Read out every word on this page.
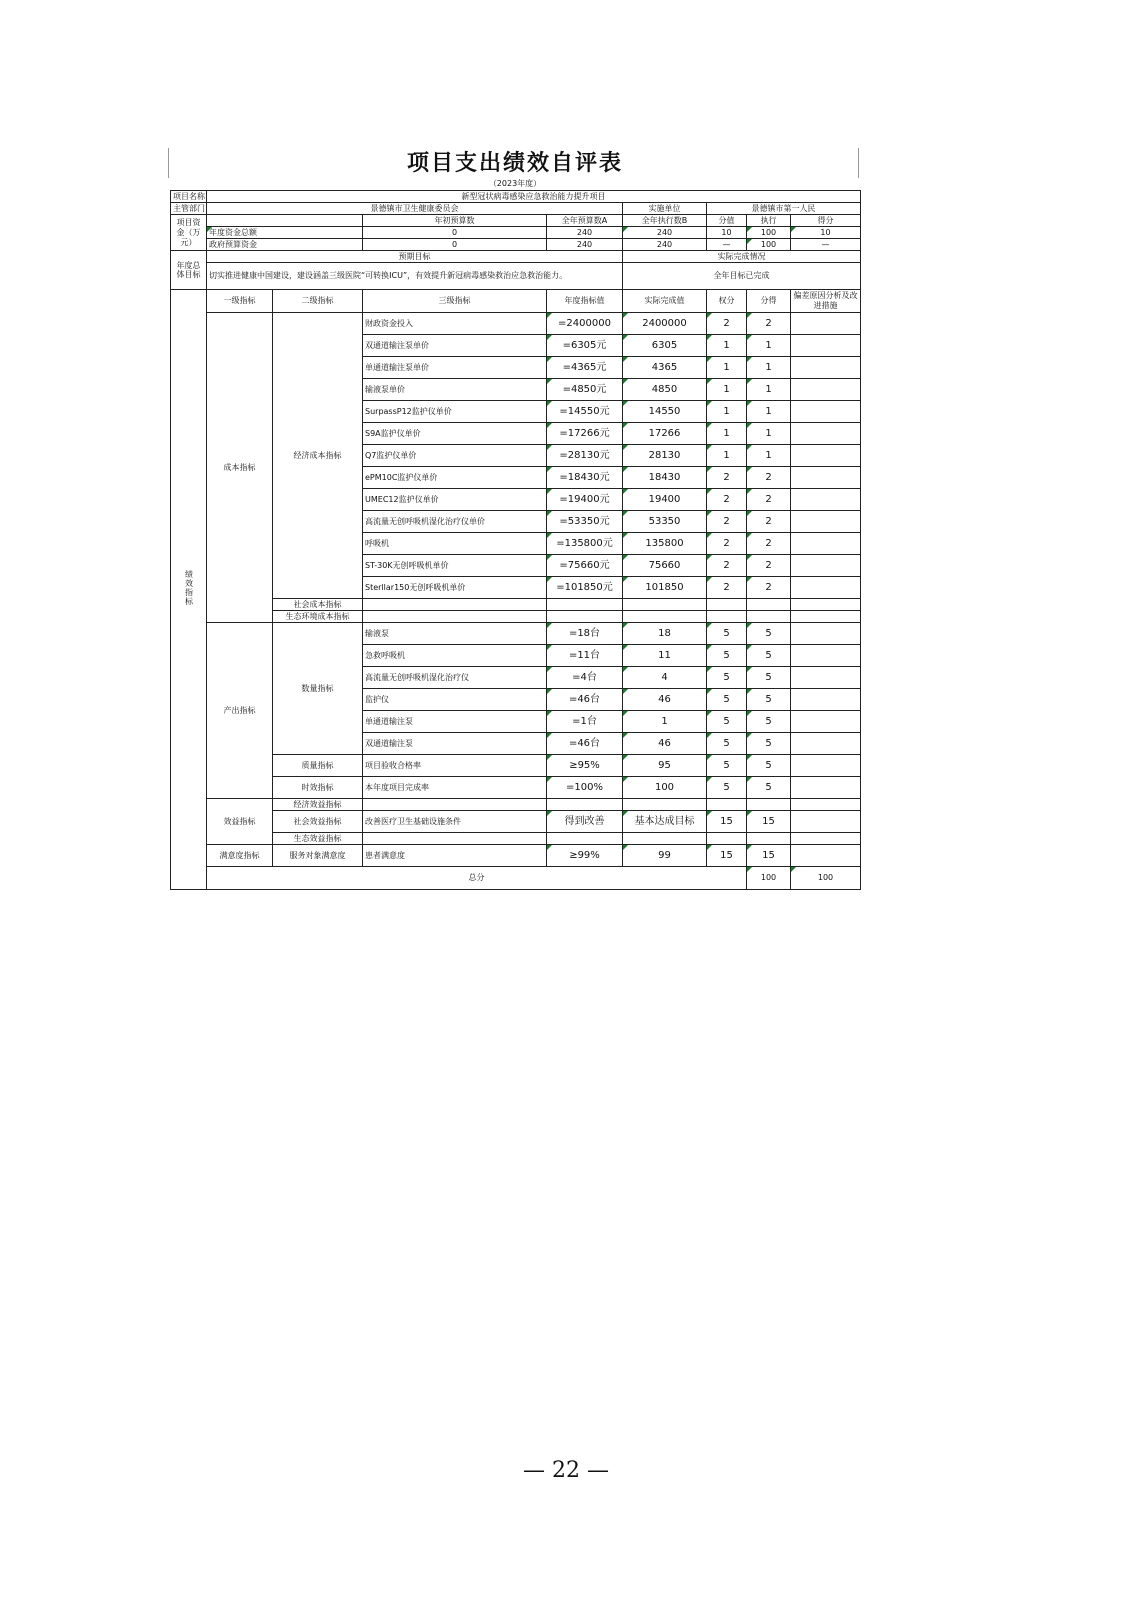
项目支出绩效自评表
（2023年度）
项目名称	新型冠状病毒感染应急救治能力提升项目								
主管部门	景德镇市卫生健康委员会				实施单位	景德镇市第一人民			
项目资金（万元）			年初预算数	全年预算数A	全年执行数B	分值	执行	得分	
	年度资金总额		0	240	240	10	100	10	
	政府预算资金		0	240	240	—	100	—	
年度总体目标	预期目标				实际完成情况				
	切实推进健康中国建设，建设涵盖三级医院“可转换ICU”，有效提升新冠病毒感染救治应急救治能力。				全年目标已完成				
绩效指标	一级指标	二级指标	三级指标	年度指标值	实际完成值	权分	分得	偏差原因分析及改进措施	
	成本指标	经济成本指标	财政资金投入	=2400000	2400000	2	2		
			双通道输注泵单价	=6305元	6305	1	1		
			单通道输注泵单价	=4365元	4365	1	1		
			输液泵单价	=4850元	4850	1	1		
			SurpassP12监护仪单价	=14550元	14550	1	1		
			S9A监护仪单价	=17266元	17266	1	1		
			Q7监护仪单价	=28130元	28130	1	1		
			ePM10C监护仪单价	=18430元	18430	2	2		
			UMEC12监护仪单价	=19400元	19400	2	2		
			高流量无创呼吸机湿化治疗仪单价	=53350元	53350	2	2		
			呼吸机	=135800元	135800	2	2		
			ST-30K无创呼吸机单价	=75660元	75660	2	2		
			Sterllar150无创呼吸机单价	=101850元	101850	2	2		
		社会成本指标							
		生态环境成本指标							
	产出指标	数量指标	输液泵	=18台	18	5	5		
			急救呼吸机	=11台	11	5	5		
			高流量无创呼吸机湿化治疗仪	=4台	4	5	5		
			监护仪	=46台	46	5	5		
			单通道输注泵	=1台	1	5	5		
			双通道输注泵	=46台	46	5	5		
		质量指标	项目验收合格率	≥95%	95	5	5		
		时效指标	本年度项目完成率	=100%	100	5	5		
	效益指标	经济效益指标							
		社会效益指标	改善医疗卫生基础设施条件	得到改善	基本达成目标	15	15		
		生态效益指标							
	满意度指标	服务对象满意度	患者满意度	≥99%	99	15	15		
	总分						100	100	
— 22 —
